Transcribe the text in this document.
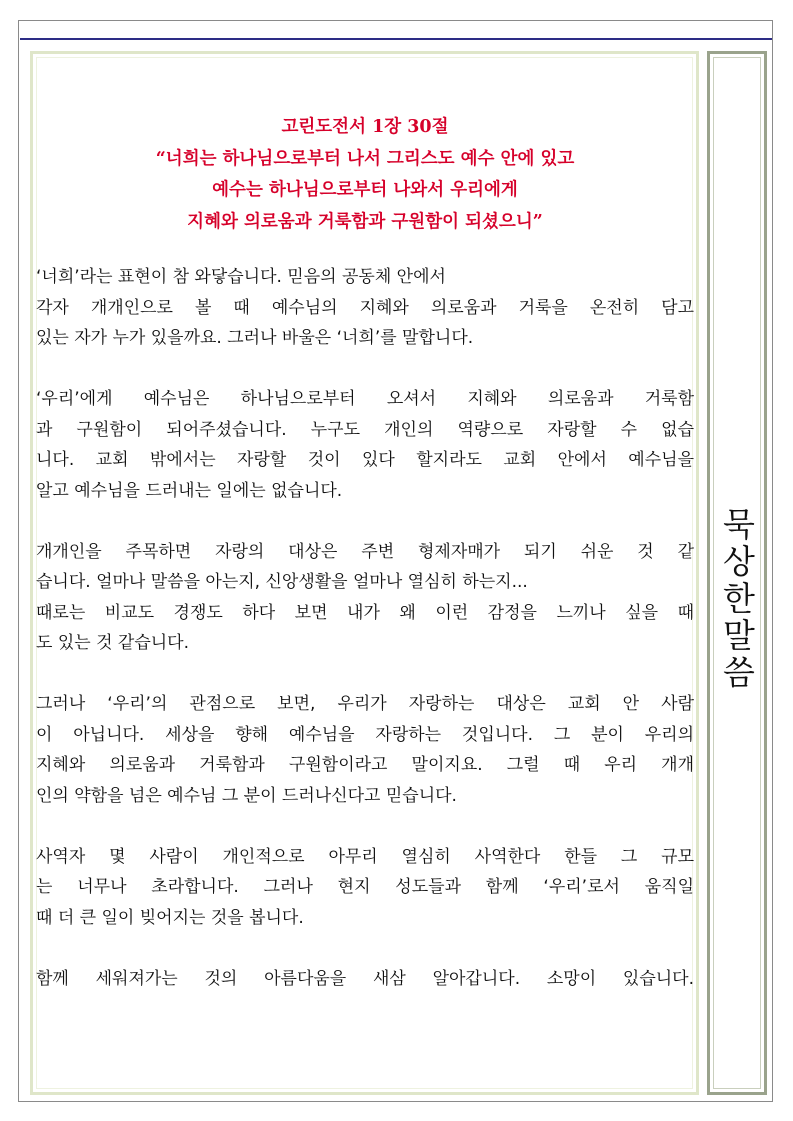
묵상한말씀
고린도전서 1장 30절
“너희는 하나님으로부터 나서 그리스도 예수 안에 있고
예수는 하나님으로부터 나와서 우리에게
지혜와 의로움과 거룩함과 구원함이 되셨으니”
‘너희’라는 표현이 참 와닿습니다. 믿음의 공동체 안에서
각자 개개인으로 볼 때 예수님의 지혜와 의로움과 거룩을 온전히 담고
있는 자가 누가 있을까요. 그러나 바울은 ‘너희’를 말합니다.
‘우리’에게 예수님은 하나님으로부터 오셔서 지혜와 의로움과 거룩함
과 구원함이 되어주셨습니다. 누구도 개인의 역량으로 자랑할 수 없습
니다. 교회 밖에서는 자랑할 것이 있다 할지라도 교회 안에서 예수님을
알고 예수님을 드러내는 일에는 없습니다.
개개인을 주목하면 자랑의 대상은 주변 형제자매가 되기 쉬운 것 같
습니다. 얼마나 말씀을 아는지, 신앙생활을 얼마나 열심히 하는지...
때로는 비교도 경쟁도 하다 보면 내가 왜 이런 감정을 느끼나 싶을 때
도 있는 것 같습니다.
그러나 ‘우리’의 관점으로 보면, 우리가 자랑하는 대상은 교회 안 사람
이 아닙니다. 세상을 향해 예수님을 자랑하는 것입니다. 그 분이 우리의
지혜와 의로움과 거룩함과 구원함이라고 말이지요. 그럴 때 우리 개개
인의 약함을 넘은 예수님 그 분이 드러나신다고 믿습니다.
사역자 몇 사람이 개인적으로 아무리 열심히 사역한다 한들 그 규모
는 너무나 초라합니다. 그러나 현지 성도들과 함께 ‘우리’로서 움직일
때 더 큰 일이 빚어지는 것을 봅니다.
함께 세워져가는 것의 아름다움을 새삼 알아갑니다. 소망이 있습니다.
